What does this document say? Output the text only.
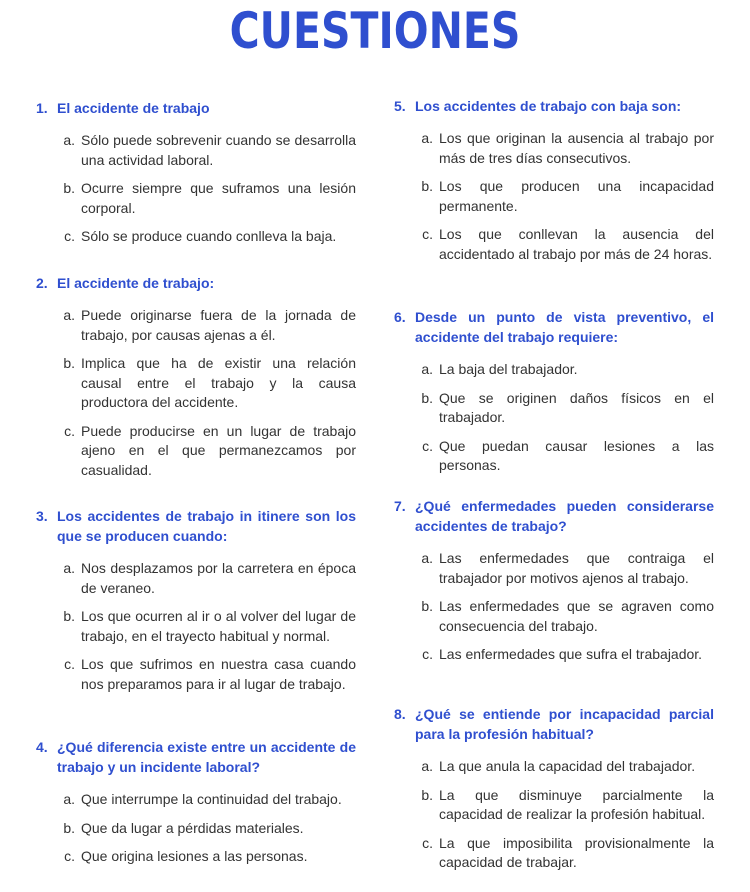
CUESTIONES
1. El accidente de trabajo
a. Sólo puede sobrevenir cuando se desarrolla una actividad laboral.
b. Ocurre siempre que suframos una lesión corporal.
c. Sólo se produce cuando conlleva la baja.
2. El accidente de trabajo:
a. Puede originarse fuera de la jornada de trabajo, por causas ajenas a él.
b. Implica que ha de existir una relación causal entre el trabajo y la causa productora del accidente.
c. Puede producirse en un lugar de trabajo ajeno en el que permanezcamos por casualidad.
3. Los accidentes de trabajo in itinere son los que se producen cuando:
a. Nos desplazamos por la carretera en época de veraneo.
b. Los que ocurren al ir o al volver del lugar de trabajo, en el trayecto habitual y normal.
c. Los que sufrimos en nuestra casa cuando nos preparamos para ir al lugar de trabajo.
4. ¿Qué diferencia existe entre un accidente de trabajo y un incidente laboral?
a. Que interrumpe la continuidad del trabajo.
b. Que da lugar a pérdidas materiales.
c. Que origina lesiones a las personas.
5. Los accidentes de trabajo con baja son:
a. Los que originan la ausencia al trabajo por más de tres días consecutivos.
b. Los que producen una incapacidad permanente.
c. Los que conllevan la ausencia del accidentado al trabajo por más de 24 horas.
6. Desde un punto de vista preventivo, el accidente del trabajo requiere:
a. La baja del trabajador.
b. Que se originen daños físicos en el trabajador.
c. Que puedan causar lesiones a las personas.
7. ¿Qué enfermedades pueden considerarse accidentes de trabajo?
a. Las enfermedades que contraiga el trabajador por motivos ajenos al trabajo.
b. Las enfermedades que se agraven como consecuencia del trabajo.
c. Las enfermedades que sufra el trabajador.
8. ¿Qué se entiende por incapacidad parcial para la profesión habitual?
a. La que anula la capacidad del trabajador.
b. La que disminuye parcialmente la capacidad de realizar la profesión habitual.
c. La que imposibilita provisionalmente la capacidad de trabajar.
